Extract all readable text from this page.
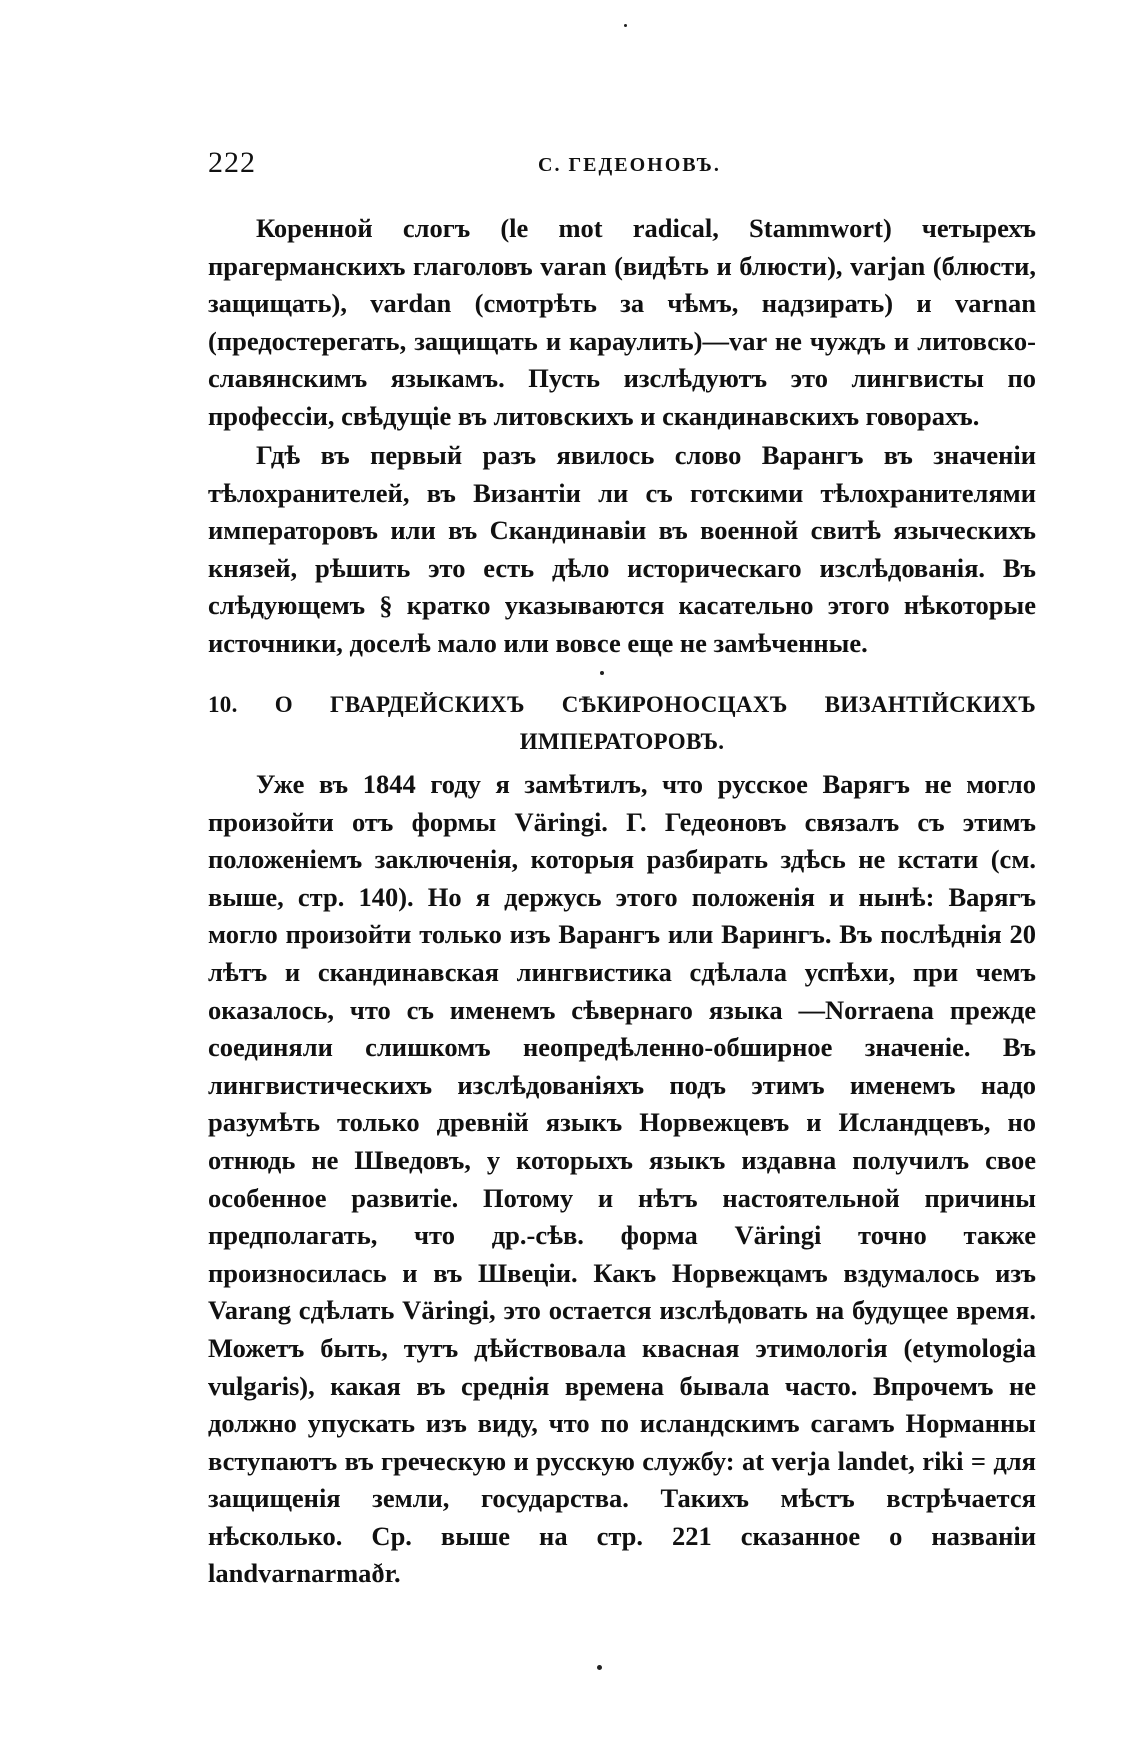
222	С. ГЕДЕОНОВЪ.

Коренной слогъ (le mot radical, Stammwort) четырехъ прагерманскихъ глаголовъ varan (видѣть и блюсти), varjan (блюсти, защищать), vardan (смотрѣть за чѣмъ, надзирать) и varnan (предостерегать, защищать и караулить)—var не чуждъ и литовско-славянскимъ языкамъ. Пусть изслѣдуютъ это лингвисты по профессіи, свѣдущіе въ литовскихъ и скандинавскихъ говорахъ.

Гдѣ въ первый разъ явилось слово Варангъ въ значеніи тѣлохранителей, въ Византіи ли съ готскими тѣлохранителями императоровъ или въ Скандинавіи въ военной свитѣ языческихъ князей, рѣшить это есть дѣло историческаго изслѣдованія. Въ слѣдующемъ § кратко указываются касательно этого нѣкоторые источники, доселѣ мало или вовсе еще не замѣченные.

10. О ГВАРДЕЙСКИХЪ СѢКИРОНОСЦАХЪ ВИЗАНТІЙСКИХЪ ИМПЕРАТОРОВЪ.

Уже въ 1844 году я замѣтилъ, что русское Варягъ не могло произойти отъ формы Väringi. Г. Гедеоновъ связалъ съ этимъ положеніемъ заключенія, которыя разбирать здѣсь не кстати (см. выше, стр. 140). Но я держусь этого положенія и нынѣ: Варягъ могло произойти только изъ Варангъ или Варингъ. Въ послѣднія 20 лѣтъ и скандинавская лингвистика сдѣлала успѣхи, при чемъ оказалось, что съ именемъ сѣвернаго языка —Norraena прежде соединяли слишкомъ неопредѣленно-обширное значеніе. Въ лингвистическихъ изслѣдованіяхъ подъ этимъ именемъ надо разумѣть только древній языкъ Норвежцевъ и Исландцевъ, но отнюдь не Шведовъ, у которыхъ языкъ издавна получилъ свое особенное развитіе. Потому и нѣтъ настоятельной причины предполагать, что др.-сѣв. форма Väringi точно также произносилась и въ Швеціи. Какъ Норвежцамъ вздумалось изъ Varang сдѣлать Väringi, это остается изслѣдовать на будущее время. Можетъ быть, тутъ дѣйствовала квасная этимологія (etymologia vulgaris), какая въ среднія времена бывала часто. Впрочемъ не должно упускать изъ виду, что по исландскимъ сагамъ Норманны вступаютъ въ греческую и русскую службу: at verja landet, riki = для защищенія земли, государства. Такихъ мѣстъ встрѣчается нѣсколько. Ср. выше на стр. 221 сказанное о названіи landvarnarmaðr.
